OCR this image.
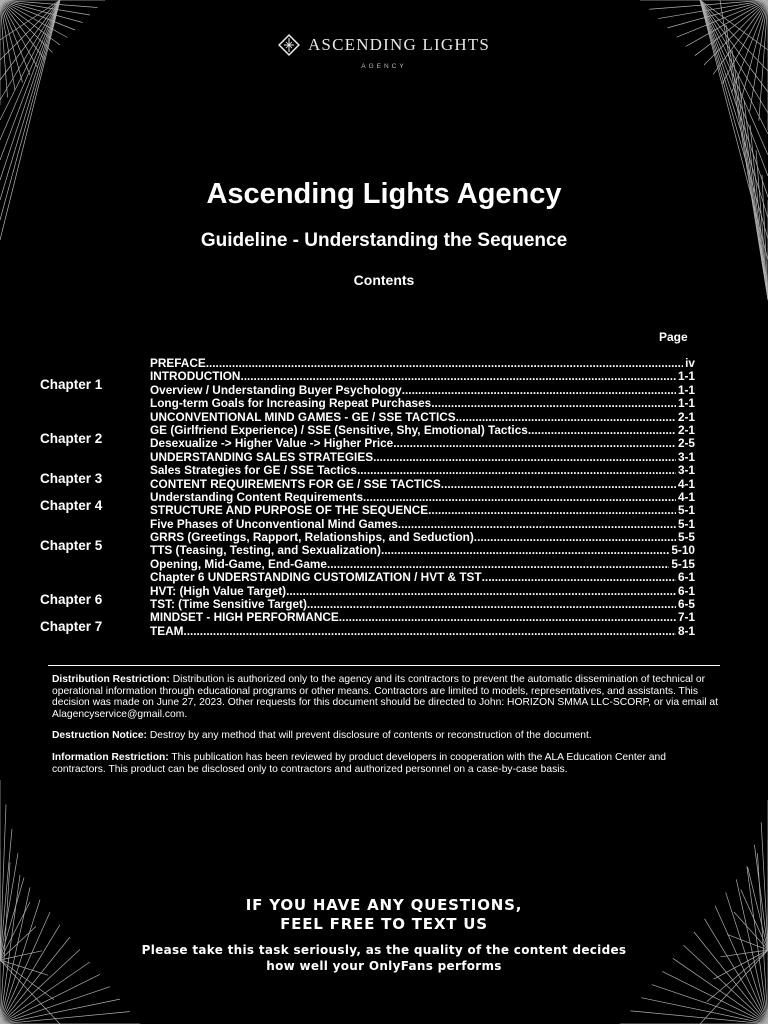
ASCENDING LIGHTS
AGENCY
Ascending Lights Agency
Guideline - Understanding the Sequence
Contents
Page
Chapter 1
Chapter 2
Chapter 3
Chapter 4
Chapter 5
Chapter 6
Chapter 7
PREFACE .....	iv
INTRODUCTION .....	1-1
Overview / Understanding Buyer Psychology .....	1-1
Long-term Goals for Increasing Repeat Purchases .....	1-1
UNCONVENTIONAL MIND GAMES - GE / SSE TACTICS .....	2-1
GE (Girlfriend Experience) / SSE (Sensitive, Shy, Emotional) Tactics .....	2-1
Desexualize -> Higher Value -> Higher Price .....	2-5
UNDERSTANDING SALES STRATEGIES .....	3-1
Sales Strategies for GE / SSE Tactics .....	3-1
CONTENT REQUIREMENTS FOR GE / SSE TACTICS .....	4-1
Understanding Content Requirements .....	4-1
STRUCTURE AND PURPOSE OF THE SEQUENCE .....	5-1
Five Phases of Unconventional Mind Games .....	5-1
GRRS (Greetings, Rapport, Relationships, and Seduction) .....	5-5
TTS (Teasing, Testing, and Sexualization) .....	5-10
Opening, Mid-Game, End-Game .....	5-15
Chapter 6 UNDERSTANDING CUSTOMIZATION / HVT & TST .....	6-1
HVT: (High Value Target) .....	6-1
TST: (Time Sensitive Target) .....	6-5
MINDSET - HIGH PERFORMANCE .....	7-1
TEAM .....	8-1

Distribution Restriction: Distribution is authorized only to the agency and its contractors to prevent the automatic dissemination of technical or operational information through educational programs or other means. Contractors are limited to models, representatives, and assistants. This decision was made on June 27, 2023. Other requests for this document should be directed to John: HORIZON SMMA LLC-SCORP, or via email at Alagencyservice@gmail.com.

Destruction Notice: Destroy by any method that will prevent disclosure of contents or reconstruction of the document.

Information Restriction: This publication has been reviewed by product developers in cooperation with the ALA Education Center and contractors. This product can be disclosed only to contractors and authorized personnel on a case-by-case basis.

IF YOU HAVE ANY QUESTIONS,
FEEL FREE TO TEXT US
Please take this task seriously, as the quality of the content decides
how well your OnlyFans performs
